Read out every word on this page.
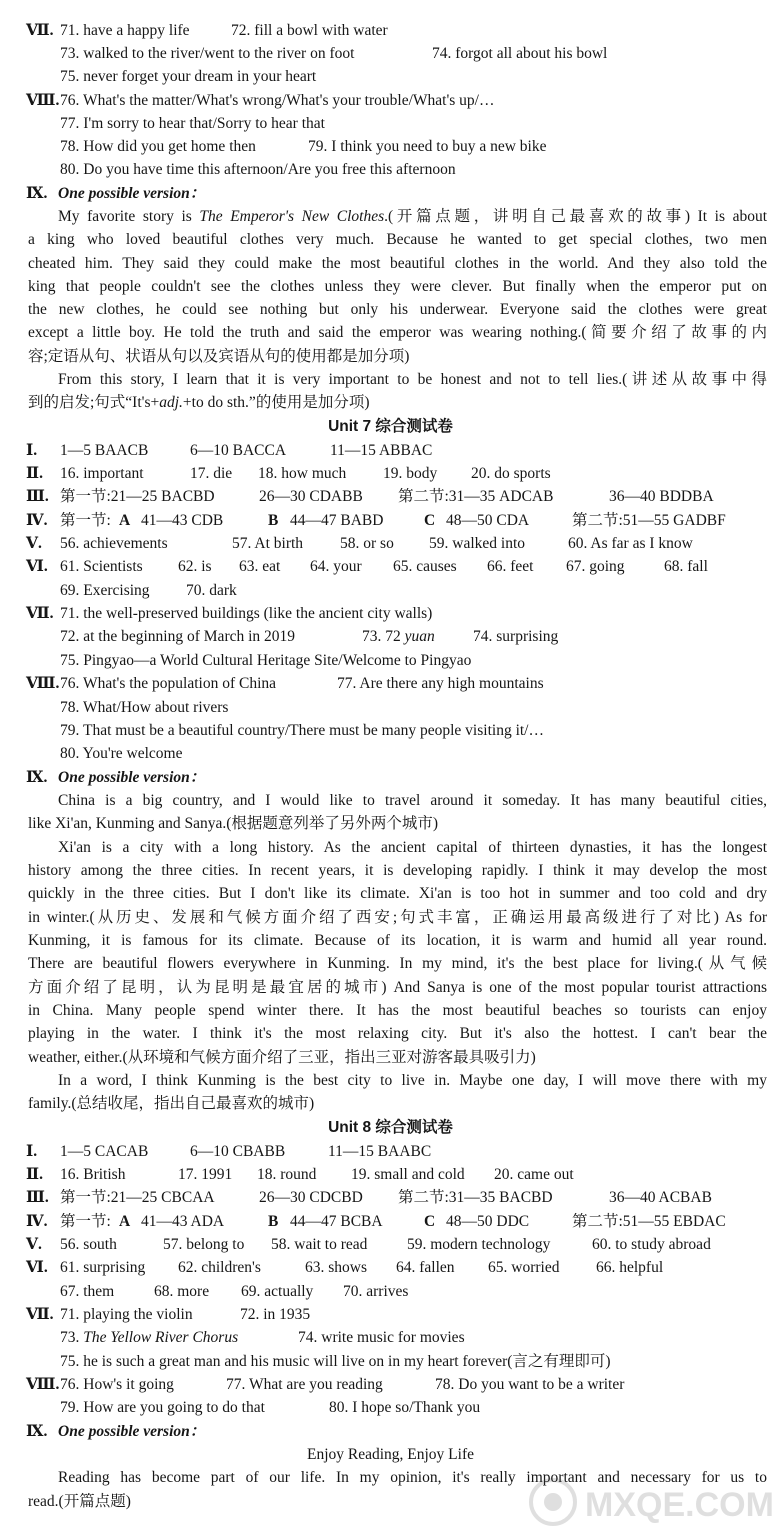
Ⅶ. 71. have a happy life	72. fill a bowl with water
73. walked to the river/went to the river on foot	74. forgot all about his bowl
75. never forget your dream in your heart
Ⅷ. 76. What's the matter/What's wrong/What's your trouble/What's up/…
77. I'm sorry to hear that/Sorry to hear that
78. How did you get home then	79. I think you need to buy a new bike
80. Do you have time this afternoon/Are you free this afternoon
Ⅸ. One possible version：
My favorite story is The Emperor's New Clothes.(开篇点题，讲明自己最喜欢的故事) It is about
a king who loved beautiful clothes very much. Because he wanted to get special clothes, two men
cheated him. They said they could make the most beautiful clothes in the world. And they also told the
king that people couldn't see the clothes unless they were clever. But finally when the emperor put on
the new clothes, he could see nothing but only his underwear. Everyone said the clothes were great
except a little boy. He told the truth and said the emperor was wearing nothing.(简要介绍了故事的内
容;定语从句、状语从句以及宾语从句的使用都是加分项)
From this story, I learn that it is very important to be honest and not to tell lies.(讲述从故事中得
到的启发;句式“It's+adj.+to do sth.”的使用是加分项)
Unit 7 综合测试卷
Ⅰ. 1—5 BAACB	6—10 BACCA	11—15 ABBAC
Ⅱ. 16. important	17. die 18. how much 19. body 20. do sports
Ⅲ. 第一节:21—25 BACBD	26—30 CDABB 第二节:31—35 ADCAB	36—40 BDDBA
Ⅳ. 第一节: A 41—43 CDB	B 44—47 BABD	C 48—50 CDA	第二节:51—55 GADBF
Ⅴ. 56. achievements	57. At birth 58. or so 59. walked into	60. As far as I know
Ⅵ. 61. Scientists 62. is 63. eat 64. your 65. causes 66. feet 67. going	68. fall
69. Exercising 70. dark
Ⅶ. 71. the well-preserved buildings (like the ancient city walls)
72. at the beginning of March in 2019	73. 72 yuan 74. surprising
75. Pingyao—a World Cultural Heritage Site/Welcome to Pingyao
Ⅷ. 76. What's the population of China	77. Are there any high mountains
78. What/How about rivers
79. That must be a beautiful country/There must be many people visiting it/…
80. You're welcome
Ⅸ. One possible version：
China is a big country, and I would like to travel around it someday. It has many beautiful cities,
like Xi'an, Kunming and Sanya.(根据题意列举了另外两个城市)
Xi'an is a city with a long history. As the ancient capital of thirteen dynasties, it has the longest
history among the three cities. In recent years, it is developing rapidly. I think it may develop the most
quickly in the three cities. But I don't like its climate. Xi'an is too hot in summer and too cold and dry
in winter.(从历史、发展和气候方面介绍了西安;句式丰富，正确运用最高级进行了对比) As for
Kunming, it is famous for its climate. Because of its location, it is warm and humid all year round.
There are beautiful flowers everywhere in Kunming. In my mind, it's the best place for living.(从气候
方面介绍了昆明，认为昆明是最宜居的城市) And Sanya is one of the most popular tourist attractions
in China. Many people spend winter there. It has the most beautiful beaches so tourists can enjoy
playing in the water. I think it's the most relaxing city. But it's also the hottest. I can't bear the
weather, either.(从环境和气候方面介绍了三亚，指出三亚对游客最具吸引力)
In a word, I think Kunming is the best city to live in. Maybe one day, I will move there with my
family.(总结收尾，指出自己最喜欢的城市)
Unit 8 综合测试卷
Ⅰ. 1—5 CACAB	6—10 CBABB	11—15 BAABC
Ⅱ. 16. British	17. 1991 18. round 19. small and cold 20. came out
Ⅲ. 第一节:21—25 CBCAA	26—30 CDCBD 第二节:31—35 BACBD	36—40 ACBAB
Ⅳ. 第一节: A 41—43 ADA	B 44—47 BCBA	C 48—50 DDC	第二节:51—55 EBDAC
Ⅴ. 56. south	57. belong to 58. wait to read	59. modern technology	60. to study abroad
Ⅵ. 61. surprising 62. children's	63. shows 64. fallen 65. worried 66. helpful
67. them	68. more 69. actually 70. arrives
Ⅶ. 71. playing the violin	72. in 1935
73. The Yellow River Chorus	74. write music for movies
75. he is such a great man and his music will live on in my heart forever(言之有理即可)
Ⅷ. 76. How's it going	77. What are you reading	78. Do you want to be a writer
79. How are you going to do that	80. I hope so/Thank you
Ⅸ. One possible version：
Enjoy Reading, Enjoy Life
Reading has become part of our life. In my opinion, it's really important and necessary for us to
read.(开篇点题)	MXQE.COM
